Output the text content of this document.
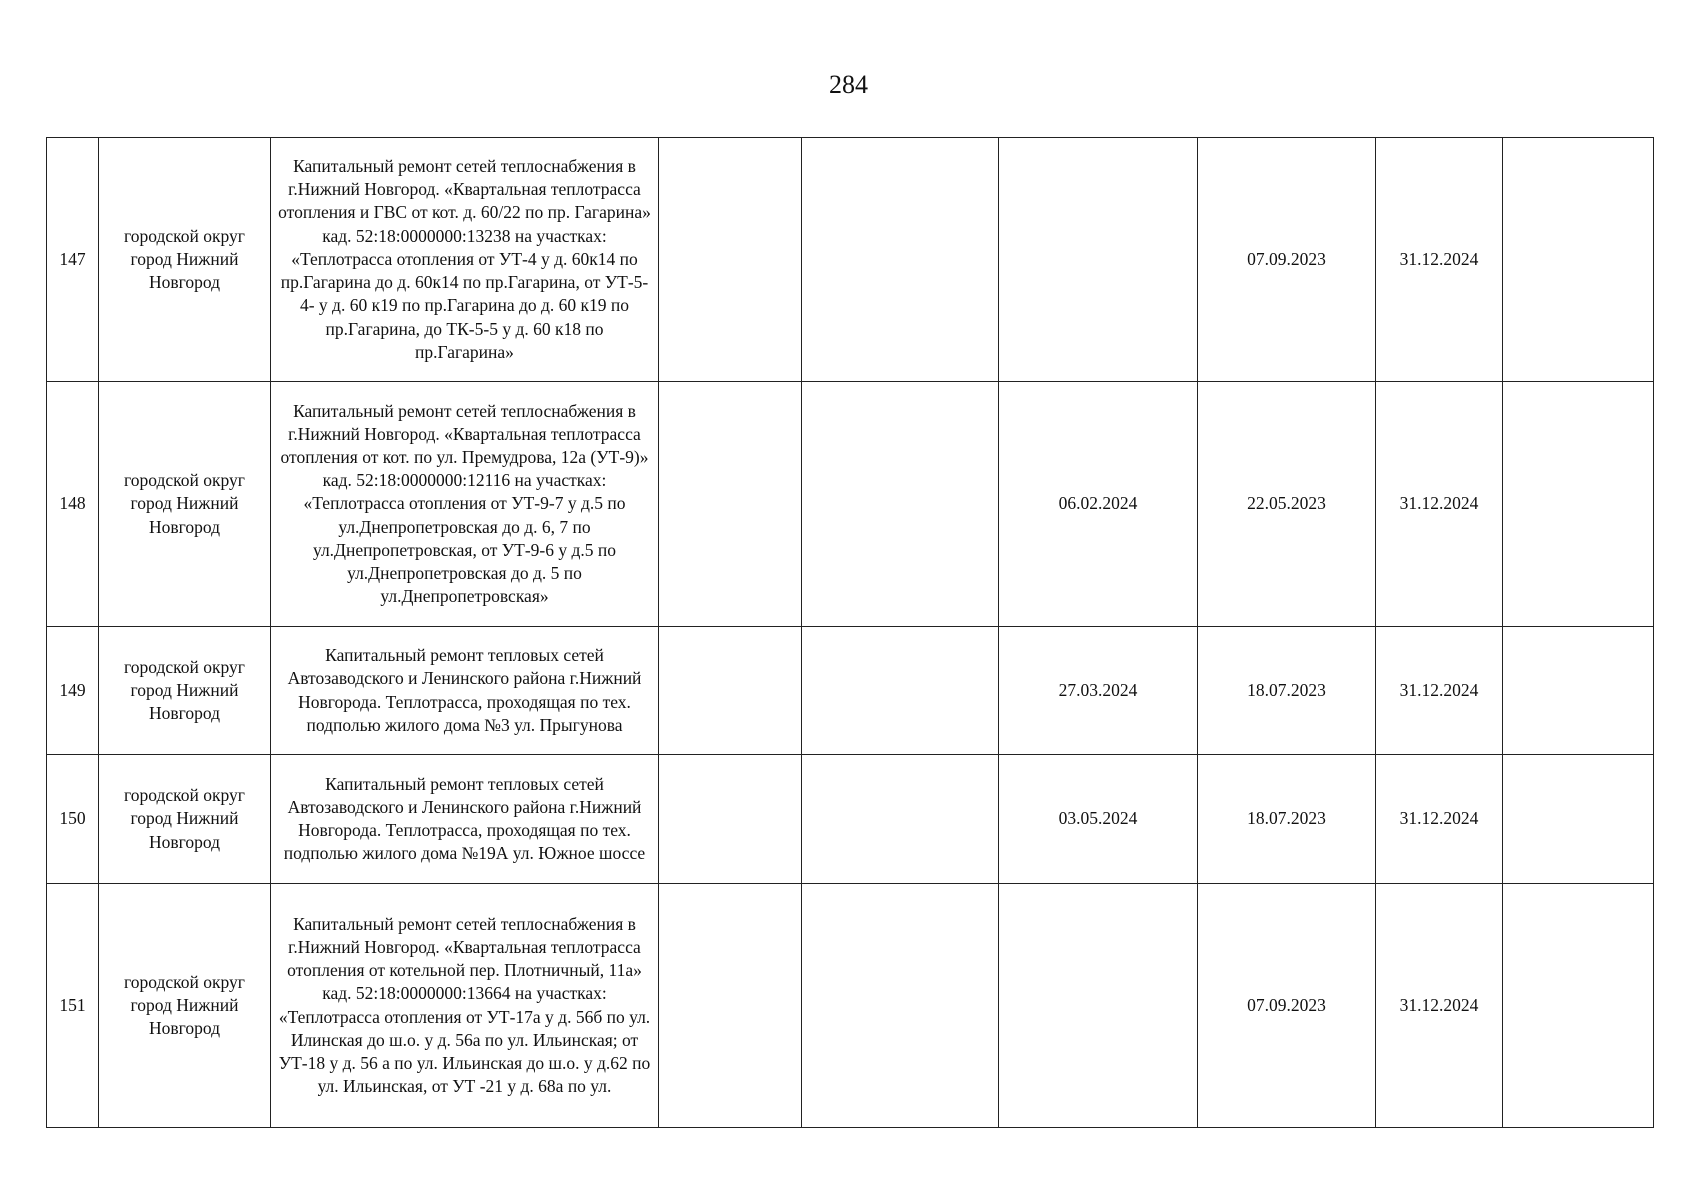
284
147	городской округ город Нижний Новгород	Капитальный ремонт сетей теплоснабжения в г.Нижний Новгород. «Квартальная теплотрасса отопления и ГВС от кот. д. 60/22 по пр. Гагарина» кад. 52:18:0000000:13238 на участках: «Теплотрасса отопления от УТ-4 у д. 60к14 по пр.Гагарина до д. 60к14 по пр.Гагарина, от УТ-5-4- у д. 60 к19 по пр.Гагарина до д. 60 к19 по пр.Гагарина, до ТК-5-5 у д. 60 к18 по пр.Гагарина»				07.09.2023	31.12.2024	
148	городской округ город Нижний Новгород	Капитальный ремонт сетей теплоснабжения в г.Нижний Новгород. «Квартальная теплотрасса отопления от кот. по ул. Премудрова, 12а (УТ-9)» кад. 52:18:0000000:12116 на участках: «Теплотрасса отопления от УТ-9-7 у д.5 по ул.Днепропетровская до д. 6, 7 по ул.Днепропетровская, от УТ-9-6 у д.5 по ул.Днепропетровская до д. 5 по ул.Днепропетровская»			06.02.2024	22.05.2023	31.12.2024	
149	городской округ город Нижний Новгород	Капитальный ремонт тепловых сетей Автозаводского и Ленинского района г.Нижний Новгорода. Теплотрасса, проходящая по тех. подполью жилого дома №3 ул. Прыгунова			27.03.2024	18.07.2023	31.12.2024	
150	городской округ город Нижний Новгород	Капитальный ремонт тепловых сетей Автозаводского и Ленинского района г.Нижний Новгорода. Теплотрасса, проходящая по тех. подполью жилого дома №19А ул. Южное шоссе			03.05.2024	18.07.2023	31.12.2024	
151	городской округ город Нижний Новгород	Капитальный ремонт сетей теплоснабжения в г.Нижний Новгород. «Квартальная теплотрасса отопления от котельной пер. Плотничный, 11а» кад. 52:18:0000000:13664 на участках: «Теплотрасса отопления от УТ-17а у д. 56б по ул. Илинская до ш.о. у д. 56а по ул. Ильинская; от УТ-18 у д. 56 а по ул. Ильинская до ш.о. у д.62 по ул. Ильинская, от УТ -21 у д. 68а по ул.				07.09.2023	31.12.2024	
